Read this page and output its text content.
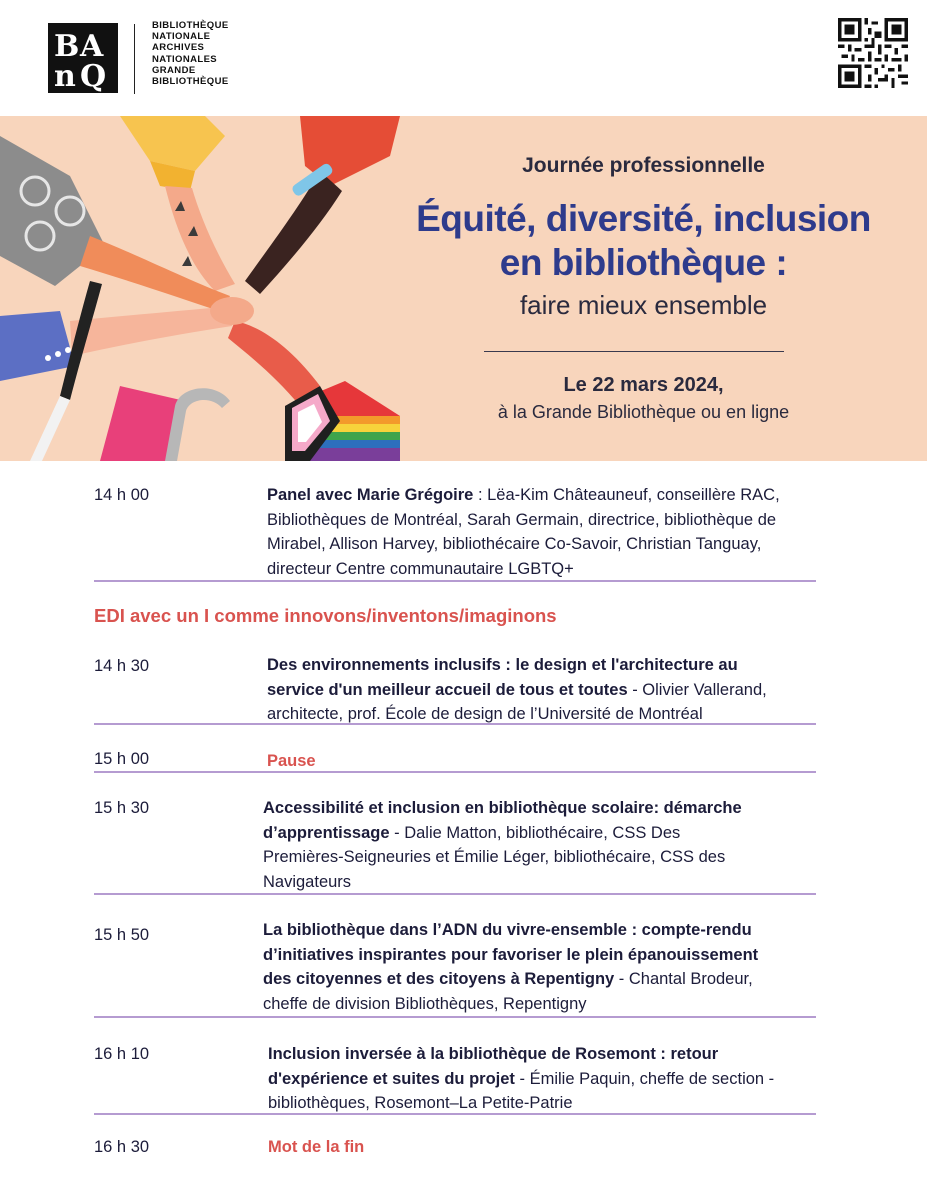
B A
n Q
BIBLIOTHÈQUE
NATIONALE
ARCHIVES
NATIONALES
GRANDE
BIBLIOTHÈQUE
Journée professionnelle
Équité, diversité, inclusion
en bibliothèque :
faire mieux ensemble
Le 22 mars 2024,
à la Grande Bibliothèque ou en ligne
14 h 00	Panel avec Marie Grégoire : Lëa-Kim Châteauneuf, conseillère RAC,
Bibliothèques de Montréal, Sarah Germain, directrice, bibliothèque de
Mirabel, Allison Harvey, bibliothécaire Co-Savoir, Christian Tanguay,
directeur Centre communautaire LGBTQ+
EDI avec un I comme innovons/inventons/imaginons
14 h 30	Des environnements inclusifs : le design et l'architecture au
service d'un meilleur accueil de tous et toutes - Olivier Vallerand,
architecte, prof. École de design de l’Université de Montréal
15 h 00	Pause
15 h 30	Accessibilité et inclusion en bibliothèque scolaire: démarche
d’apprentissage - Dalie Matton, bibliothécaire, CSS Des
Premières-Seigneuries et Émilie Léger, bibliothécaire, CSS des
Navigateurs
15 h 50	La bibliothèque dans l’ADN du vivre-ensemble : compte-rendu
d’initiatives inspirantes pour favoriser le plein épanouissement
des citoyennes et des citoyens à Repentigny - Chantal Brodeur,
cheffe de division Bibliothèques, Repentigny
16 h 10	Inclusion inversée à la bibliothèque de Rosemont : retour
d'expérience et suites du projet - Émilie Paquin, cheffe de section -
bibliothèques, Rosemont–La Petite-Patrie
16 h 30	Mot de la fin
